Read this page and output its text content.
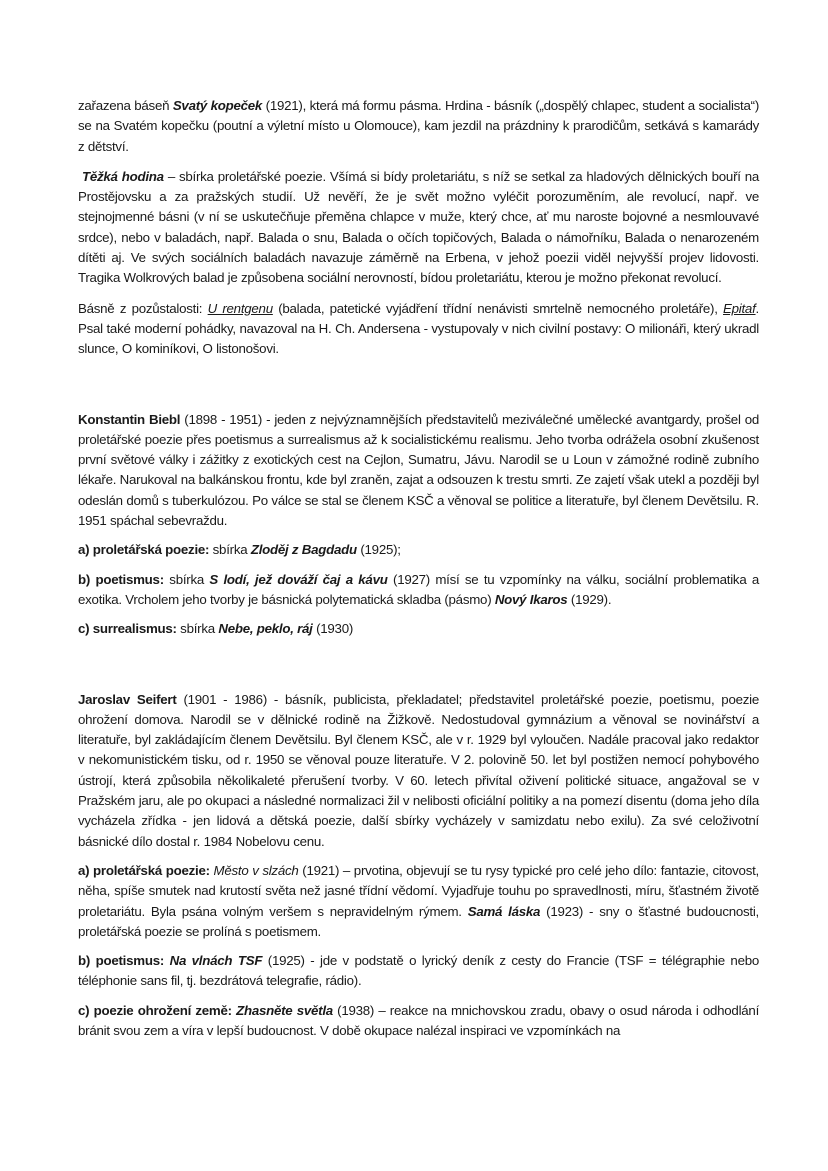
zařazena báseň Svatý kopeček (1921), která má formu pásma. Hrdina - básník („dospělý chlapec, student a socialista“) se na Svatém kopečku (poutní a výletní místo u Olomouce), kam jezdil na prázdniny k prarodičům, setkává s kamarády z dětství.

Těžká hodina – sbírka proletářské poezie. Všímá si bídy proletariátu, s níž se setkal za hladových dělnických bouří na Prostějovsku a za pražských studií. Už nevěří, že je svět možno vyléčit porozuměním, ale revolucí, např. ve stejnojmenné básni (v ní se uskutečňuje přeměna chlapce v muže, který chce, ať mu naroste bojovné a nesmlouvavé srdce), nebo v baladách, např. Balada o snu, Balada o očích topičových, Balada o námořníku, Balada o nenarozeném dítěti aj. Ve svých sociálních baladách navazuje záměrně na Erbena, v jehož poezii viděl nejvyšší projev lidovosti. Tragika Wolkrových balad je způsobena sociální nerovností, bídou proletariátu, kterou je možno překonat revolucí.

Básně z pozůstalosti: U rentgenu (balada, patetické vyjádření třídní nenávisti smrtelně nemocného proletáře), Epitaf. Psal také moderní pohádky, navazoval na H. Ch. Andersena - vystupovaly v nich civilní postavy: O milionáři, který ukradl slunce, O kominíkovi, O listonošovi.

Konstantin Biebl (1898 - 1951) - jeden z nejvýznamnějších představitelů meziválečné umělecké avantgardy, prošel od proletářské poezie přes poetismus a surrealismus až k socialistickému realismu. Jeho tvorba odrážela osobní zkušenost první světové války i zážitky z exotických cest na Cejlon, Sumatru, Jávu. Narodil se u Loun v zámožné rodině zubního lékaře. Narukoval na balkánskou frontu, kde byl zraněn, zajat a odsouzen k trestu smrti. Ze zajetí však utekl a později byl odeslán domů s tuberkulózou. Po válce se stal se členem KSČ a věnoval se politice a literatuře, byl členem Devětsilu. R. 1951 spáchal sebevraždu.

a) proletářská poezie: sbírka Zloděj z Bagdadu (1925);

b) poetismus: sbírka S lodí, jež dováží čaj a kávu (1927) mísí se tu vzpomínky na válku, sociální problematika a exotika. Vrcholem jeho tvorby je básnická polytematická skladba (pásmo) Nový Ikaros (1929).

c) surrealismus: sbírka Nebe, peklo, ráj (1930)

Jaroslav Seifert (1901 - 1986) - básník, publicista, překladatel; představitel proletářské poezie, poetismu, poezie ohrožení domova. Narodil se v dělnické rodině na Žižkově. Nedostudoval gymnázium a věnoval se novinářství a literatuře, byl zakládajícím členem Devětsilu. Byl členem KSČ, ale v r. 1929 byl vyloučen. Nadále pracoval jako redaktor v nekomunistickém tisku, od r. 1950 se věnoval pouze literatuře. V 2. polovině 50. let byl postižen nemocí pohybového ústrojí, která způsobila několikaleté přerušení tvorby. V 60. letech přivítal oživení politické situace, angažoval se v Pražském jaru, ale po okupaci a následné normalizaci žil v nelibosti oficiální politiky a na pomezí disentu (doma jeho díla vycházela zřídka - jen lidová a dětská poezie, další sbírky vycházely v samizdatu nebo exilu). Za své celoživotní básnické dílo dostal r. 1984 Nobelovu cenu.

a) proletářská poezie: Město v slzách (1921) – prvotina, objevují se tu rysy typické pro celé jeho dílo: fantazie, citovost, něha, spíše smutek nad krutostí světa než jasné třídní vědomí. Vyjadřuje touhu po spravedlnosti, míru, šťastném životě proletariátu. Byla psána volným veršem s nepravidelným rýmem. Samá láska (1923) - sny o šťastné budoucnosti, proletářská poezie se prolíná s poetismem.

b) poetismus: Na vlnách TSF (1925) - jde v podstatě o lyrický deník z cesty do Francie (TSF = télégraphie nebo téléphonie sans fil, tj. bezdrátová telegrafie, rádio).

c) poezie ohrožení země: Zhasněte světla (1938) – reakce na mnichovskou zradu, obavy o osud národa i odhodlání bránit svou zem a víra v lepší budoucnost. V době okupace nalézal inspiraci ve vzpomínkách na
